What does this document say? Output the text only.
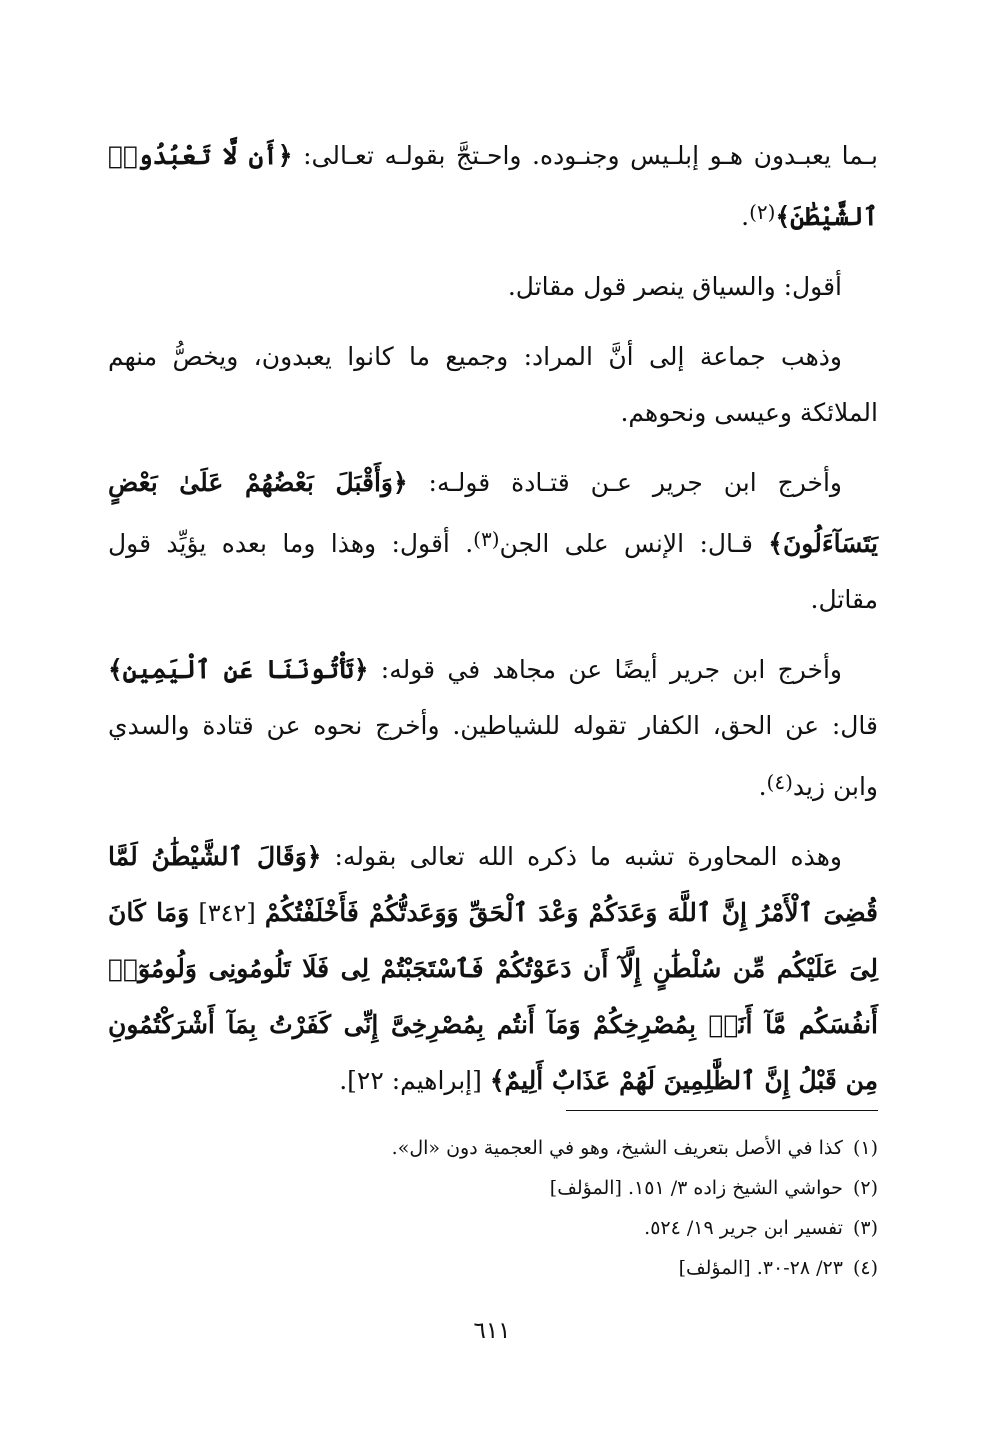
بـما يعبـدون هـو إبلـيس وجنـوده. واحـتجَّ بقولـه تعـالى: ﴿أَن لَّا تَعْبُدُوا۟ ٱلشَّيْطَٰنَ﴾$^{(٢)}$.

أقول: والسياق ينصر قول مقاتل.

وذهب جماعة إلى أنَّ المراد: وجميع ما كانوا يعبدون، ويخصُّ منهم الملائكة وعيسى ونحوهم.

وأخرج ابن جرير عـن قتـادة قولـه: ﴿وَأَقْبَلَ بَعْضُهُمْ عَلَىٰ بَعْضٍ يَتَسَآءَلُونَ﴾ قـال: الإنس على الجن$^{(٣)}$. أقول: وهذا وما بعده يؤيِّد قول مقاتل.

وأخرج ابن جرير أيضًا عن مجاهد في قوله: ﴿تَأْتُونَنَا عَنِ ٱلْيَمِينِ﴾ قال: عن الحق، الكفار تقوله للشياطين. وأخرج نحوه عن قتادة والسدي وابن زيد$^{(٤)}$.

وهذه المحاورة تشبه ما ذكره الله تعالى بقوله: ﴿وَقَالَ ٱلشَّيْطَٰنُ لَمَّا قُضِىَ ٱلْأَمْرُ إِنَّ ٱللَّهَ وَعَدَكُمْ وَعْدَ ٱلْحَقِّ وَوَعَدتُّكُمْ فَأَخْلَفْتُكُمْ [٣٤٢] وَمَا كَانَ لِىَ عَلَيْكُم مِّن سُلْطَٰنٍ إِلَّآ أَن دَعَوْتُكُمْ فَٱسْتَجَبْتُمْ لِى فَلَا تَلُومُونِى وَلُومُوٓا۟ أَنفُسَكُم مَّآ أَنَا۠ بِمُصْرِخِكُمْ وَمَآ أَنتُم بِمُصْرِخِىَّ إِنِّى كَفَرْتُ بِمَآ أَشْرَكْتُمُونِ مِن قَبْلُ إِنَّ ٱلظَّٰلِمِينَ لَهُمْ عَذَابٌ أَلِيمٌ﴾ [إبراهيم: ٢٢].

(١)كذا في الأصل بتعريف الشيخ، وهو في العجمية دون «ال».

(٢)حواشي الشيخ زاده ٣/ ١٥١. [المؤلف]

(٣)تفسير ابن جرير ١٩/ ٥٢٤.

(٤)٢٣/ ٢٨-٣٠. [المؤلف]

٦١١
